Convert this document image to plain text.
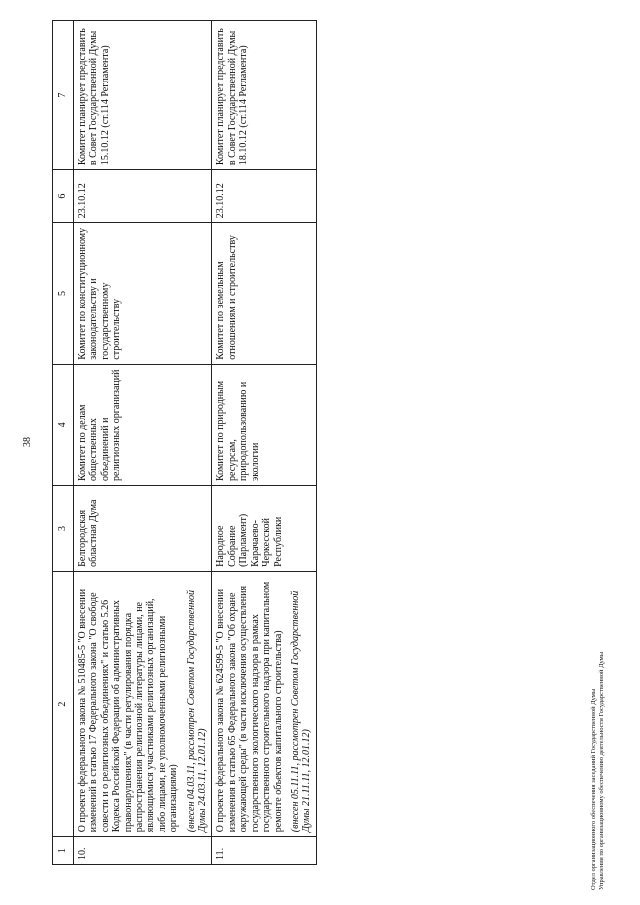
38
1	2	3	4	5	6	7
10.	О проекте федерального закона № 510485-5 "О внесении изменений в статью 17 Федерального закона "О свободе совести и о религиозных объединениях" и статью 5.26 Кодекса Российской Федерации об административных правонарушениях" (в части регулирования порядка распространения религиозной литературы лицами, не являющимися участниками религиозных организаций, либо лицами, не уполномоченными религиозными организациями) (внесен 04.03.11, рассмотрен Советом Государственной Думы 24.03.11, 12.01.12)	Белгородская областная Дума	Комитет по делам общественных объединений и религиозных организаций	Комитет по конституционному законодательству и государственному строительству	23.10.12	Комитет планирует представить в Совет Государственной Думы 15.10.12 (ст.114 Регламента)
11.	О проекте федерального закона № 624599-5 "О внесении изменения в статью 65 Федерального закона "Об охране окружающей среды" (в части исключения осуществления государственного экологического надзора в рамках государственного строительного надзора при капитальном ремонте объектов капитального строительства) (внесен 05.11.11, рассмотрен Советом Государственной Думы 21.11.11, 12.01.12)	Народное Собрание (Парламент) Карачаево-Черкесской Республики	Комитет по природным ресурсам, природопользованию и экологии	Комитет по земельным отношениям и строительству	23.10.12	Комитет планирует представить в Совет Государственной Думы 18.10.12 (ст.114 Регламента)
Отдел организационного обеспечения заседаний Государственной Думы Управления по организационному обеспечению деятельности Государственной Думы
